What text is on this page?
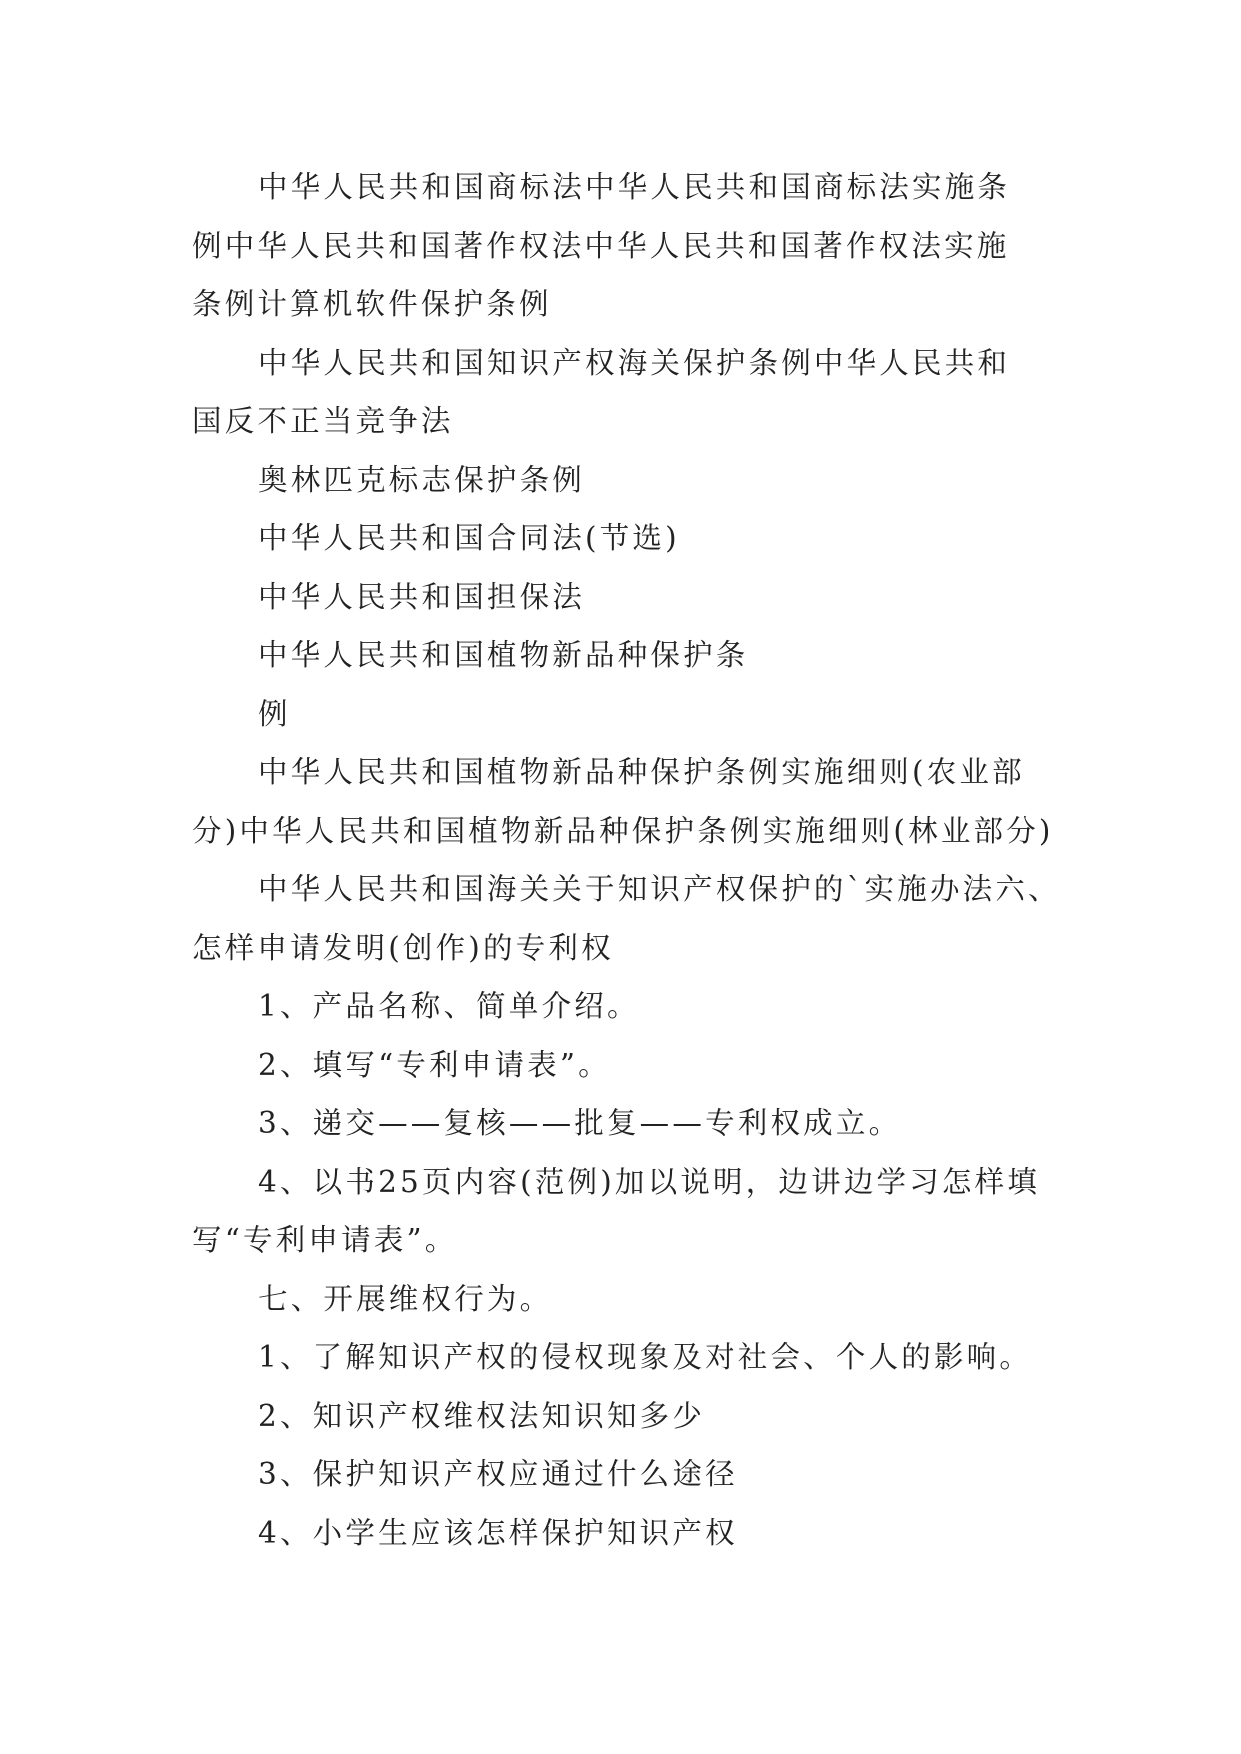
中华人民共和国商标法中华人民共和国商标法实施条
例中华人民共和国著作权法中华人民共和国著作权法实施
条例计算机软件保护条例
中华人民共和国知识产权海关保护条例中华人民共和
国反不正当竞争法
奥林匹克标志保护条例
中华人民共和国合同法(节选)
中华人民共和国担保法
中华人民共和国植物新品种保护条
例
中华人民共和国植物新品种保护条例实施细则(农业部
分)中华人民共和国植物新品种保护条例实施细则(林业部分)
中华人民共和国海关关于知识产权保护的`实施办法六、
怎样申请发明(创作)的专利权
1、产品名称、简单介绍。
2、填写“专利申请表”。
3、递交——复核——批复——专利权成立。
4、以书25页内容(范例)加以说明，边讲边学习怎样填
写“专利申请表”。
七、开展维权行为。
1、了解知识产权的侵权现象及对社会、个人的影响。
2、知识产权维权法知识知多少
3、保护知识产权应通过什么途径
4、小学生应该怎样保护知识产权
